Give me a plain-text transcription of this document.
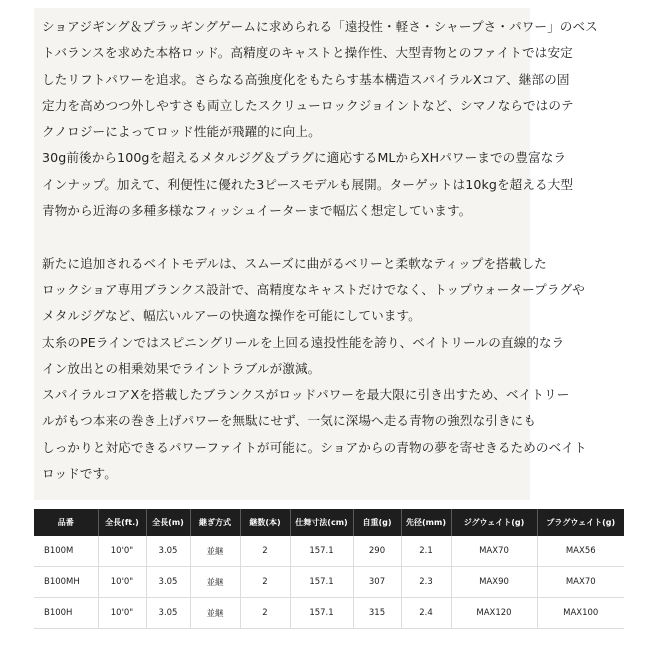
ショアジギング＆プラッギングゲームに求められる「遠投性・軽さ・シャープさ・パワー」のベス
トバランスを求めた本格ロッド。高精度のキャストと操作性、大型青物とのファイトでは安定
したリフトパワーを追求。さらなる高強度化をもたらす基本構造スパイラルXコア、継部の固
定力を高めつつ外しやすさも両立したスクリューロックジョイントなど、シマノならではのテ
クノロジーによってロッド性能が飛躍的に向上。
30g前後から100gを超えるメタルジグ＆プラグに適応するMLからXHパワーまでの豊富なラ
インナップ。加えて、利便性に優れた3ピースモデルも展開。ターゲットは10kgを超える大型
青物から近海の多種多様なフィッシュイーターまで幅広く想定しています。
新たに追加されるベイトモデルは、スムーズに曲がるベリーと柔軟なティップを搭載した
ロックショア専用ブランクス設計で、高精度なキャストだけでなく、トップウォータープラグや
メタルジグなど、幅広いルアーの快適な操作を可能にしています。
太糸のPEラインではスピニングリールを上回る遠投性能を誇り、ベイトリールの直線的なラ
イン放出との相乗効果でライントラブルが激減。
スパイラルコアXを搭載したブランクスがロッドパワーを最大限に引き出すため、ベイトリー
ルがもつ本来の巻き上げパワーを無駄にせず、一気に深場へ走る青物の強烈な引きにも
しっかりと対応できるパワーファイトが可能に。ショアからの青物の夢を寄せきるためのベイト
ロッドです。
品番	全長(ft.)	全長(m)	継ぎ方式	継数(本)	仕舞寸法(cm)	自重(g)	先径(mm)	ジグウェイト(g)	プラグウェイト(g)
B100M	10'0"	3.05	並継	2	157.1	290	2.1	MAX70	MAX56
B100MH	10'0"	3.05	並継	2	157.1	307	2.3	MAX90	MAX70
B100H	10'0"	3.05	並継	2	157.1	315	2.4	MAX120	MAX100
